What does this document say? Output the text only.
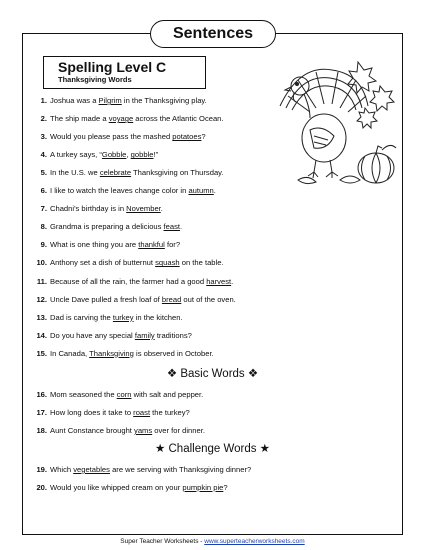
Sentences
Spelling Level C
Thanksgiving Words
1. Joshua was a Pilgrim in the Thanksgiving play.
2. The ship made a voyage across the Atlantic Ocean.
3. Would you please pass the mashed potatoes?
4. A turkey says, “Gobble, gobble!”
5. In the U.S. we celebrate Thanksgiving on Thursday.
6. I like to watch the leaves change color in autumn.
7. Chadni's birthday is in November.
8. Grandma is preparing a delicious feast.
9. What is one thing you are thankful for?
10. Anthony set a dish of butternut squash on the table.
11. Because of all the rain, the farmer had a good harvest.
12. Uncle Dave pulled a fresh loaf of bread out of the oven.
13. Dad is carving the turkey in the kitchen.
14. Do you have any special family traditions?
15. In Canada, Thanksgiving is observed in October.
❖ Basic Words ❖
16. Mom seasoned the corn with salt and pepper.
17. How long does it take to roast the turkey?
18. Aunt Constance brought yams over for dinner.
★ Challenge Words ★
19. Which vegetables are we serving with Thanksgiving dinner?
20. Would you like whipped cream on your pumpkin pie?
Super Teacher Worksheets - www.superteacherworksheets.com
